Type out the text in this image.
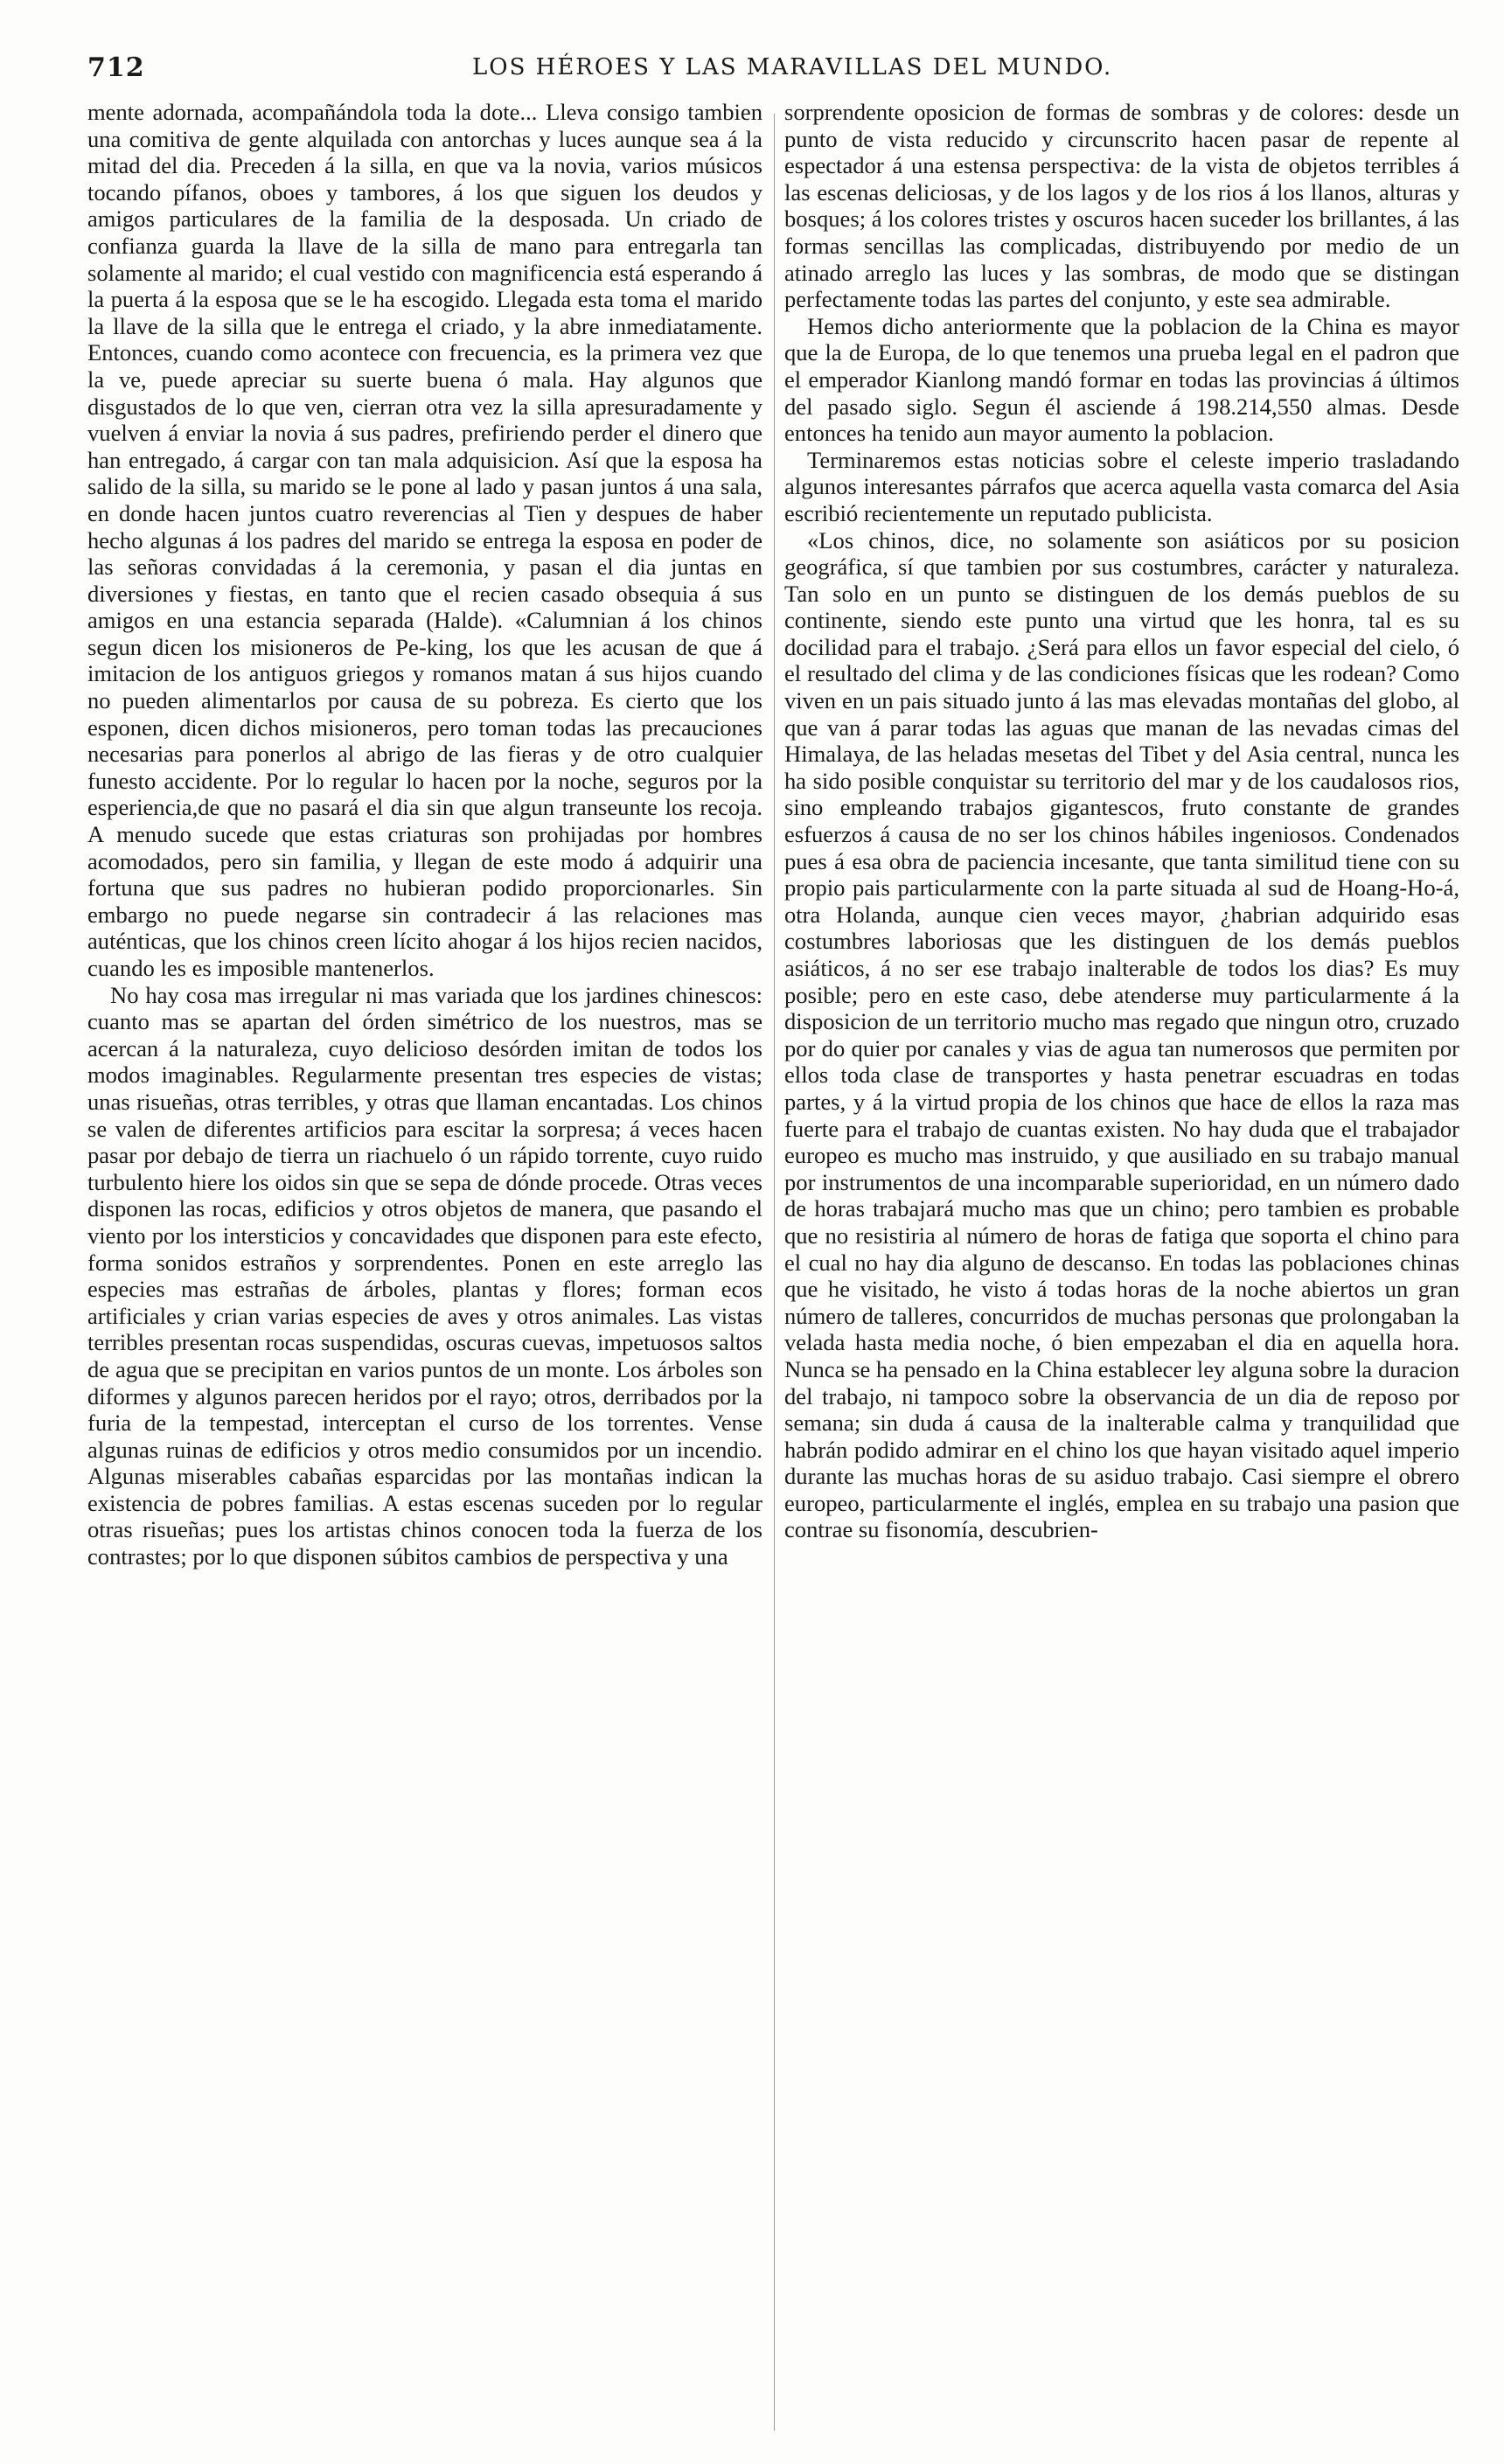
712	LOS HÉROES Y LAS MARAVILLAS DEL MUNDO.

mente adornada, acompañándola toda la dote... Lleva consigo tambien una comitiva de gente alquilada con antorchas y luces aunque sea á la mitad del dia. Preceden á la silla, en que va la novia, varios músicos tocando pífanos, oboes y tambores, á los que siguen los deudos y amigos particulares de la familia de la desposada. Un criado de confianza guarda la llave de la silla de mano para entregarla tan solamente al marido; el cual vestido con magnificencia está esperando á la puerta á la esposa que se le ha escogido. Llegada esta toma el marido la llave de la silla que le entrega el criado, y la abre inmediatamente. Entonces, cuando como acontece con frecuencia, es la primera vez que la ve, puede apreciar su suerte buena ó mala. Hay algunos que disgustados de lo que ven, cierran otra vez la silla apresuradamente y vuelven á enviar la novia á sus padres, prefiriendo perder el dinero que han entregado, á cargar con tan mala adquisicion. Así que la esposa ha salido de la silla, su marido se le pone al lado y pasan juntos á una sala, en donde hacen juntos cuatro reverencias al Tien y despues de haber hecho algunas á los padres del marido se entrega la esposa en poder de las señoras convidadas á la ceremonia, y pasan el dia juntas en diversiones y fiestas, en tanto que el recien casado obsequia á sus amigos en una estancia separada (Halde). «Calumnian á los chinos segun dicen los misioneros de Pe-king, los que les acusan de que á imitacion de los antiguos griegos y romanos matan á sus hijos cuando no pueden alimentarlos por causa de su pobreza. Es cierto que los esponen, dicen dichos misioneros, pero toman todas las precauciones necesarias para ponerlos al abrigo de las fieras y de otro cualquier funesto accidente. Por lo regular lo hacen por la noche, seguros por la esperiencia,de que no pasará el dia sin que algun transeunte los recoja. A menudo sucede que estas criaturas son prohijadas por hombres acomodados, pero sin familia, y llegan de este modo á adquirir una fortuna que sus padres no hubieran podido proporcionarles. Sin embargo no puede negarse sin contradecir á las relaciones mas auténticas, que los chinos creen lícito ahogar á los hijos recien nacidos, cuando les es imposible mantenerlos.

No hay cosa mas irregular ni mas variada que los jardines chinescos: cuanto mas se apartan del órden simétrico de los nuestros, mas se acercan á la naturaleza, cuyo delicioso desórden imitan de todos los modos imaginables. Regularmente presentan tres especies de vistas; unas risueñas, otras terribles, y otras que llaman encantadas. Los chinos se valen de diferentes artificios para escitar la sorpresa; á veces hacen pasar por debajo de tierra un riachuelo ó un rápido torrente, cuyo ruido turbulento hiere los oidos sin que se sepa de dónde procede. Otras veces disponen las rocas, edificios y otros objetos de manera, que pasando el viento por los intersticios y concavidades que disponen para este efecto, forma sonidos estraños y sorprendentes. Ponen en este arreglo las especies mas estrañas de árboles, plantas y flores; forman ecos artificiales y crian varias especies de aves y otros animales. Las vistas terribles presentan rocas suspendidas, oscuras cuevas, impetuosos saltos de agua que se precipitan en varios puntos de un monte. Los árboles son diformes y algunos parecen heridos por el rayo; otros, derribados por la furia de la tempestad, interceptan el curso de los torrentes. Vense algunas ruinas de edificios y otros medio consumidos por un incendio. Algunas miserables cabañas esparcidas por las montañas indican la existencia de pobres familias. A estas escenas suceden por lo regular otras risueñas; pues los artistas chinos conocen toda la fuerza de los contrastes; por lo que disponen súbitos cambios de perspectiva y una

sorprendente oposicion de formas de sombras y de colores: desde un punto de vista reducido y circunscrito hacen pasar de repente al espectador á una estensa perspectiva: de la vista de objetos terribles á las escenas deliciosas, y de los lagos y de los rios á los llanos, alturas y bosques; á los colores tristes y oscuros hacen suceder los brillantes, á las formas sencillas las complicadas, distribuyendo por medio de un atinado arreglo las luces y las sombras, de modo que se distingan perfectamente todas las partes del conjunto, y este sea admirable.

Hemos dicho anteriormente que la poblacion de la China es mayor que la de Europa, de lo que tenemos una prueba legal en el padron que el emperador Kianlong mandó formar en todas las provincias á últimos del pasado siglo. Segun él asciende á 198.214,550 almas. Desde entonces ha tenido aun mayor aumento la poblacion.

Terminaremos estas noticias sobre el celeste imperio trasladando algunos interesantes párrafos que acerca aquella vasta comarca del Asia escribió recientemente un reputado publicista.

«Los chinos, dice, no solamente son asiáticos por su posicion geográfica, sí que tambien por sus costumbres, carácter y naturaleza. Tan solo en un punto se distinguen de los demás pueblos de su continente, siendo este punto una virtud que les honra, tal es su docilidad para el trabajo. ¿Será para ellos un favor especial del cielo, ó el resultado del clima y de las condiciones físicas que les rodean? Como viven en un pais situado junto á las mas elevadas montañas del globo, al que van á parar todas las aguas que manan de las nevadas cimas del Himalaya, de las heladas mesetas del Tibet y del Asia central, nunca les ha sido posible conquistar su territorio del mar y de los caudalosos rios, sino empleando trabajos gigantescos, fruto constante de grandes esfuerzos á causa de no ser los chinos hábiles ingeniosos. Condenados pues á esa obra de paciencia incesante, que tanta similitud tiene con su propio pais particularmente con la parte situada al sud de Hoang-Ho-á, otra Holanda, aunque cien veces mayor, ¿habrian adquirido esas costumbres laboriosas que les distinguen de los demás pueblos asiáticos, á no ser ese trabajo inalterable de todos los dias? Es muy posible; pero en este caso, debe atenderse muy particularmente á la disposicion de un territorio mucho mas regado que ningun otro, cruzado por do quier por canales y vias de agua tan numerosos que permiten por ellos toda clase de transportes y hasta penetrar escuadras en todas partes, y á la virtud propia de los chinos que hace de ellos la raza mas fuerte para el trabajo de cuantas existen. No hay duda que el trabajador europeo es mucho mas instruido, y que ausiliado en su trabajo manual por instrumentos de una incomparable superioridad, en un número dado de horas trabajará mucho mas que un chino; pero tambien es probable que no resistiria al número de horas de fatiga que soporta el chino para el cual no hay dia alguno de descanso. En todas las poblaciones chinas que he visitado, he visto á todas horas de la noche abiertos un gran número de talleres, concurridos de muchas personas que prolongaban la velada hasta media noche, ó bien empezaban el dia en aquella hora. Nunca se ha pensado en la China establecer ley alguna sobre la duracion del trabajo, ni tampoco sobre la observancia de un dia de reposo por semana; sin duda á causa de la inalterable calma y tranquilidad que habrán podido admirar en el chino los que hayan visitado aquel imperio durante las muchas horas de su asiduo trabajo. Casi siempre el obrero europeo, particularmente el inglés, emplea en su trabajo una pasion que contrae su fisonomía, descubrien-
